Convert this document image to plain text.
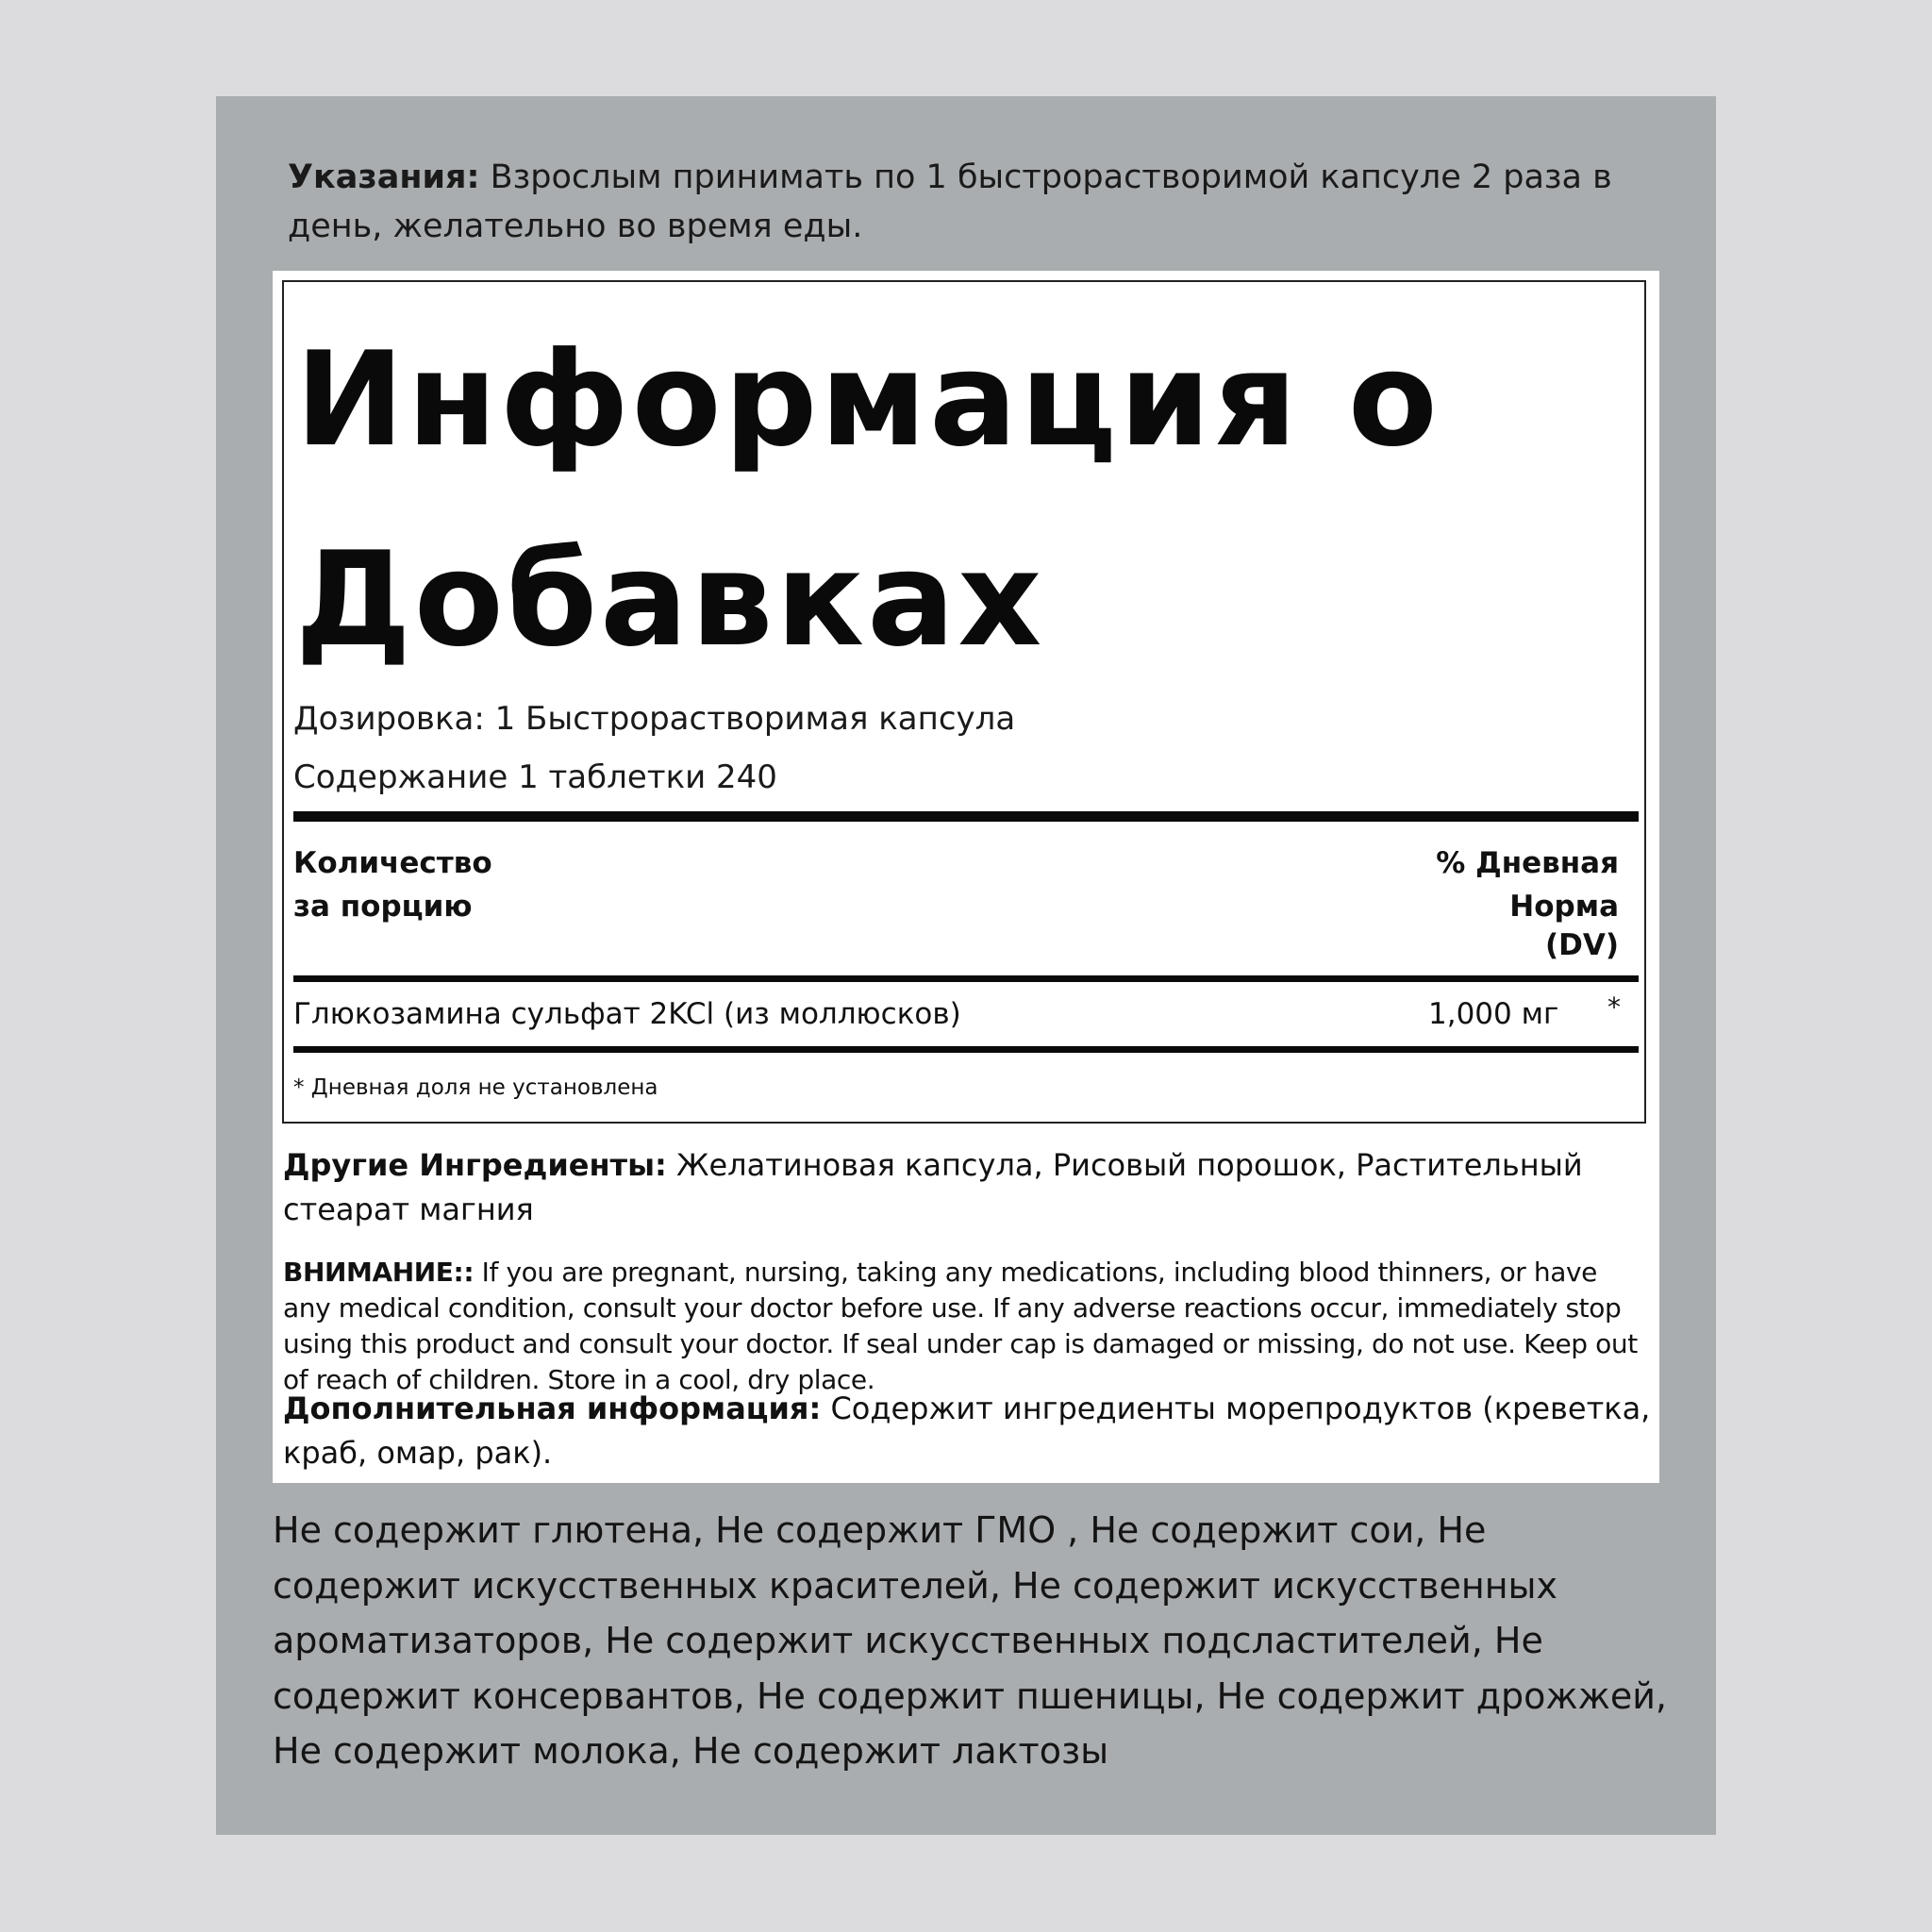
Указания: Взрослым принимать по 1 быстрорастворимой капсуле 2 раза в день, желательно во время еды.
Информация о Добавках
Дозировка: 1 Быстрорастворимая капсула
Содержание 1 таблетки 240
Количество
за порцию
% Дневная
Норма
(DV)
Глюкозамина сульфат 2KCl (из моллюсков)	1,000 мг *
* Дневная доля не установлена
Другие Ингредиенты: Желатиновая капсула, Рисовый порошок, Растительный стеарат магния
ВНИМАНИЕ:: If you are pregnant, nursing, taking any medications, including blood thinners, or have any medical condition, consult your doctor before use. If any adverse reactions occur, immediately stop using this product and consult your doctor. If seal under cap is damaged or missing, do not use. Keep out of reach of children. Store in a cool, dry place.
Дополнительная информация: Содержит ингредиенты морепродуктов (креветка, краб, омар, рак).
Не содержит глютена, Не содержит ГМО , Не содержит сои, Не содержит искусственных красителей, Не содержит искусственных ароматизаторов, Не содержит искусственных подсластителей, Не содержит консервантов, Не содержит пшеницы, Не содержит дрожжей, Не содержит молока, Не содержит лактозы
